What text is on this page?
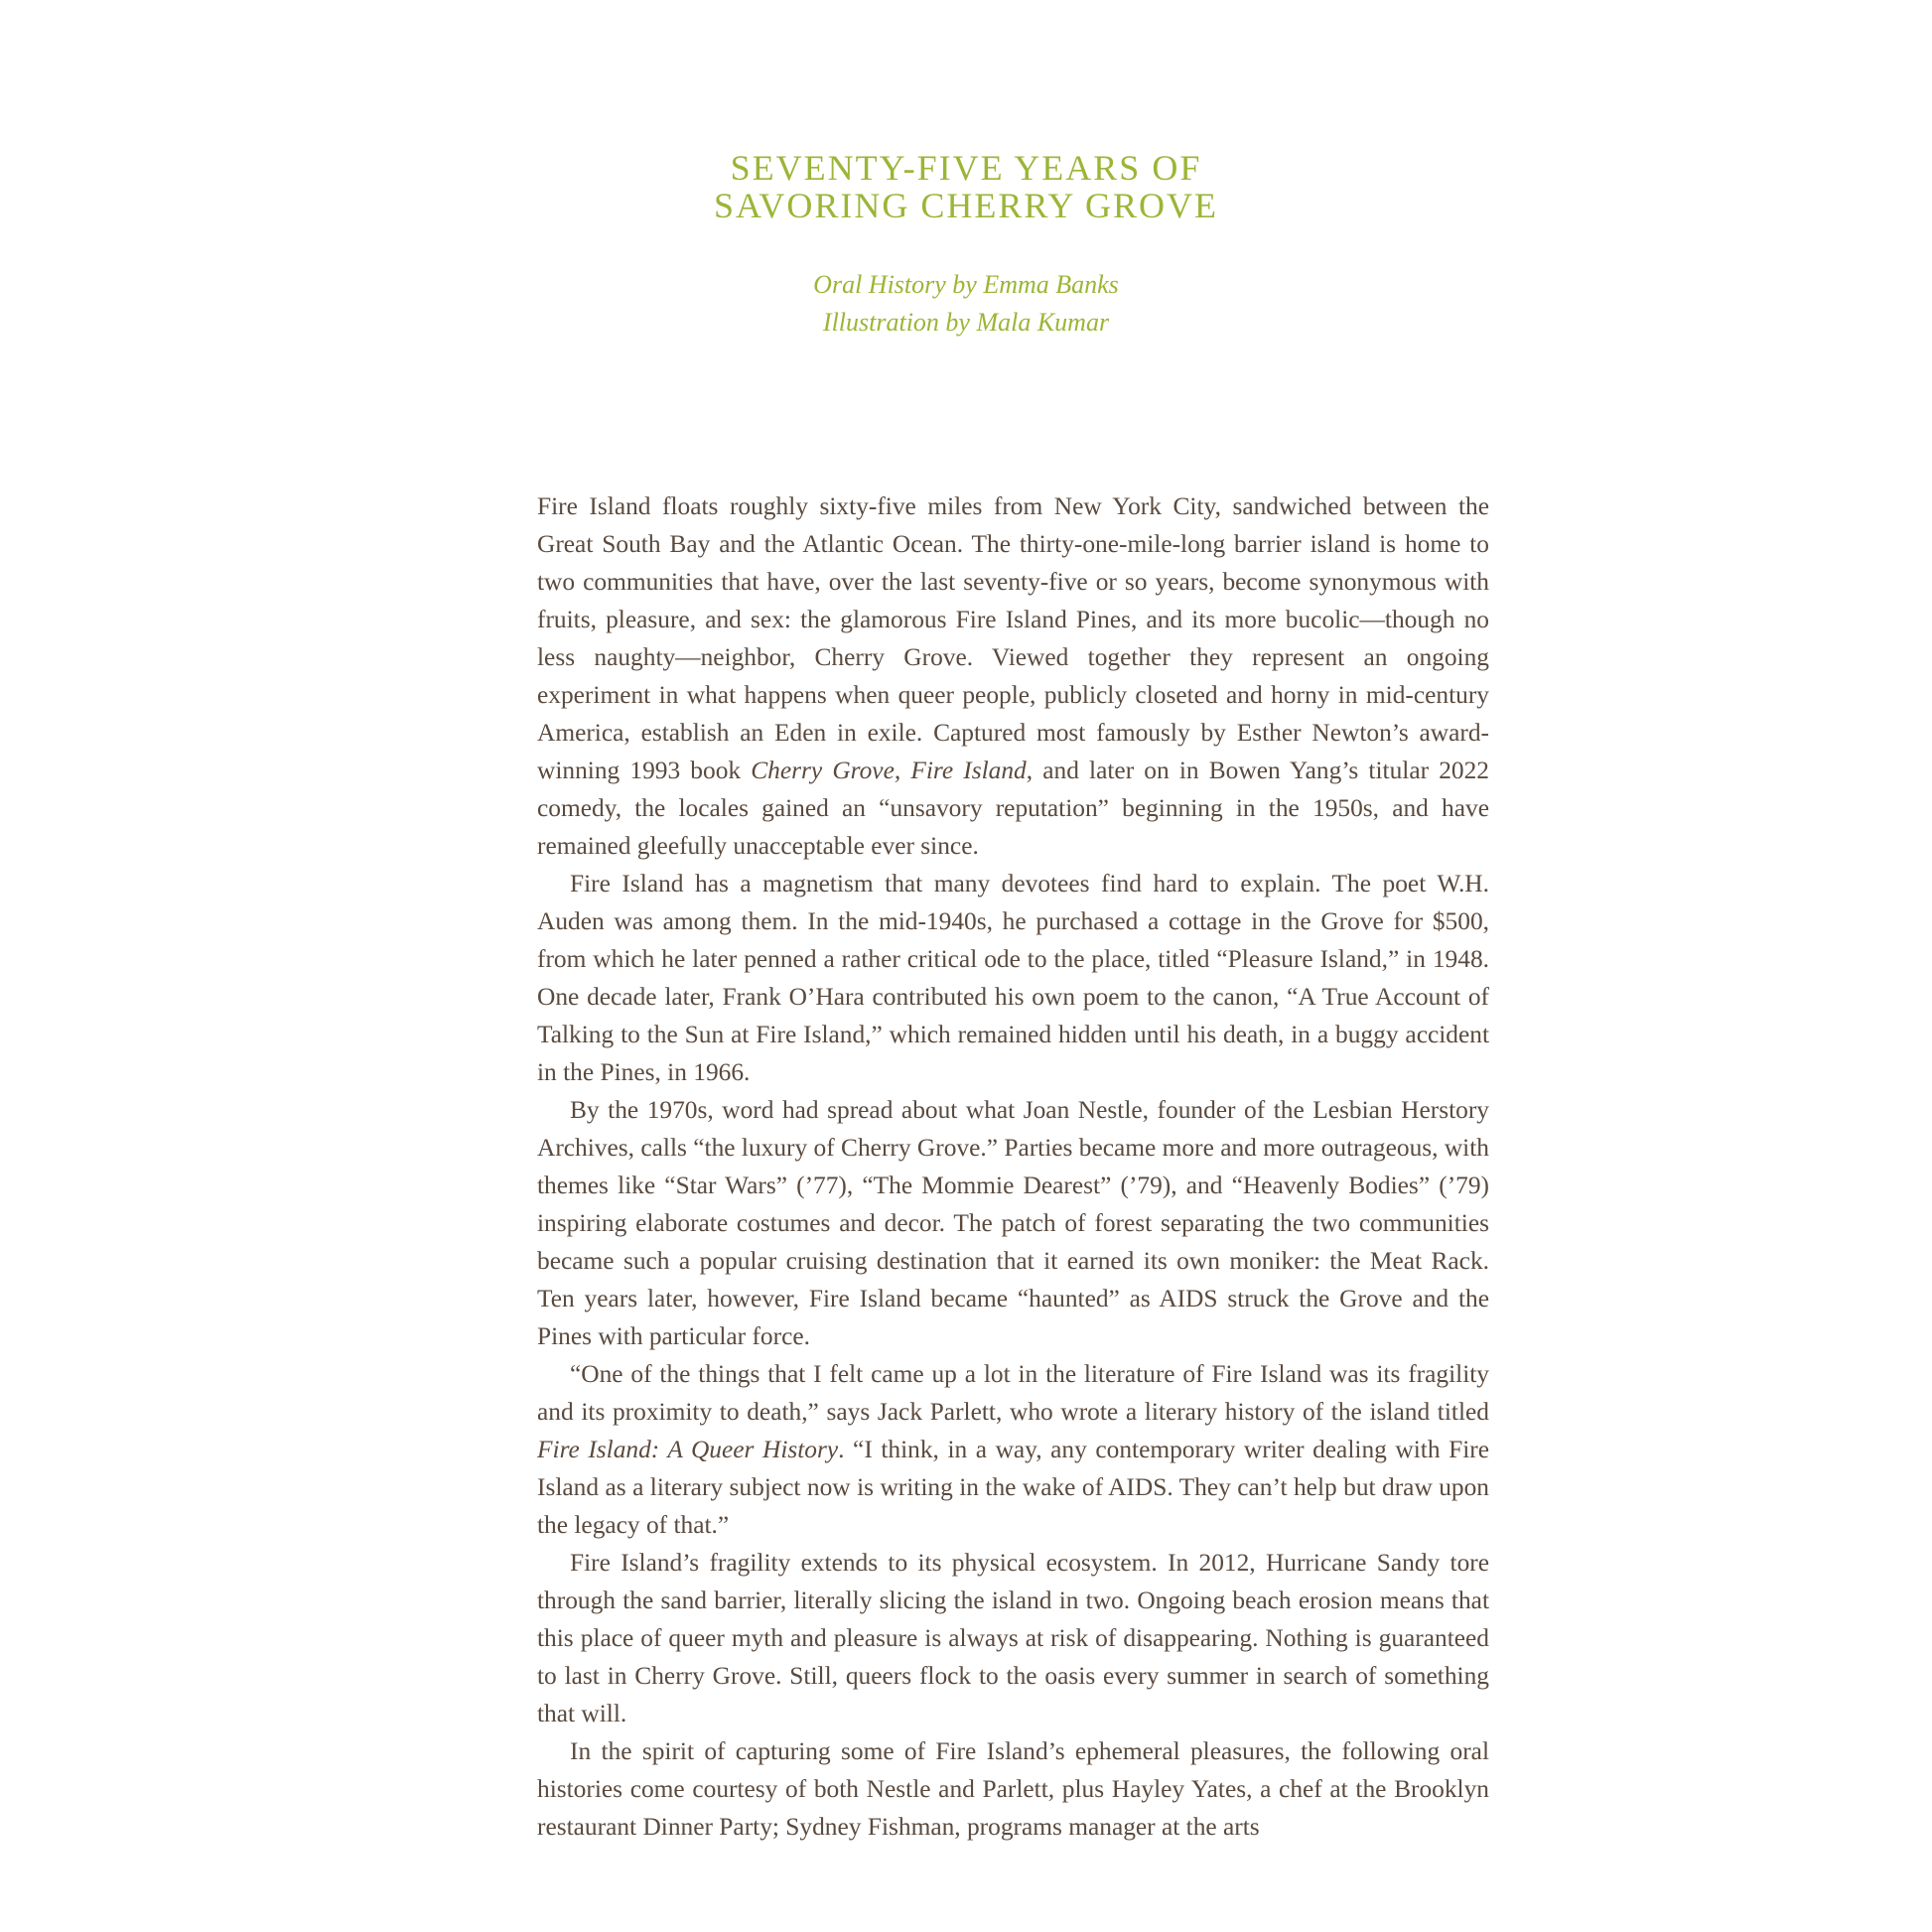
SEVENTY-FIVE YEARS OF
SAVORING CHERRY GROVE

Oral History by Emma Banks

Illustration by Mala Kumar

Fire Island floats roughly sixty-five miles from New York City, sandwiched between the Great South Bay and the Atlantic Ocean. The thirty-one-mile-long barrier island is home to two communities that have, over the last seventy-five or so years, become synonymous with fruits, pleasure, and sex: the glamorous Fire Island Pines, and its more bucolic—though no less naughty—neighbor, Cherry Grove. Viewed together they represent an ongoing experiment in what happens when queer people, publicly closeted and horny in mid-century America, establish an Eden in exile. Captured most famously by Esther Newton’s award-winning 1993 book Cherry Grove, Fire Island, and later on in Bowen Yang’s titular 2022 comedy, the locales gained an “unsavory reputation” beginning in the 1950s, and have remained gleefully unacceptable ever since.

Fire Island has a magnetism that many devotees find hard to explain. The poet W.H. Auden was among them. In the mid-1940s, he purchased a cottage in the Grove for $500, from which he later penned a rather critical ode to the place, titled “Pleasure Island,” in 1948. One decade later, Frank O’Hara contributed his own poem to the canon, “A True Account of Talking to the Sun at Fire Island,” which remained hidden until his death, in a buggy accident in the Pines, in 1966.

By the 1970s, word had spread about what Joan Nestle, founder of the Lesbian Herstory Archives, calls “the luxury of Cherry Grove.” Parties became more and more outrageous, with themes like “Star Wars” (’77), “The Mommie Dearest” (’79), and “Heavenly Bodies” (’79) inspiring elaborate costumes and decor. The patch of forest separating the two communities became such a popular cruising destination that it earned its own moniker: the Meat Rack. Ten years later, however, Fire Island became “haunted” as AIDS struck the Grove and the Pines with particular force.

“One of the things that I felt came up a lot in the literature of Fire Island was its fragility and its proximity to death,” says Jack Parlett, who wrote a literary history of the island titled Fire Island: A Queer History. “I think, in a way, any contemporary writer dealing with Fire Island as a literary subject now is writing in the wake of AIDS. They can’t help but draw upon the legacy of that.”

Fire Island’s fragility extends to its physical ecosystem. In 2012, Hurricane Sandy tore through the sand barrier, literally slicing the island in two. Ongoing beach erosion means that this place of queer myth and pleasure is always at risk of disappearing. Nothing is guaranteed to last in Cherry Grove. Still, queers flock to the oasis every summer in search of something that will.

In the spirit of capturing some of Fire Island’s ephemeral pleasures, the following oral histories come courtesy of both Nestle and Parlett, plus Hayley Yates, a chef at the Brooklyn restaurant Dinner Party; Sydney Fishman, programs manager at the arts
